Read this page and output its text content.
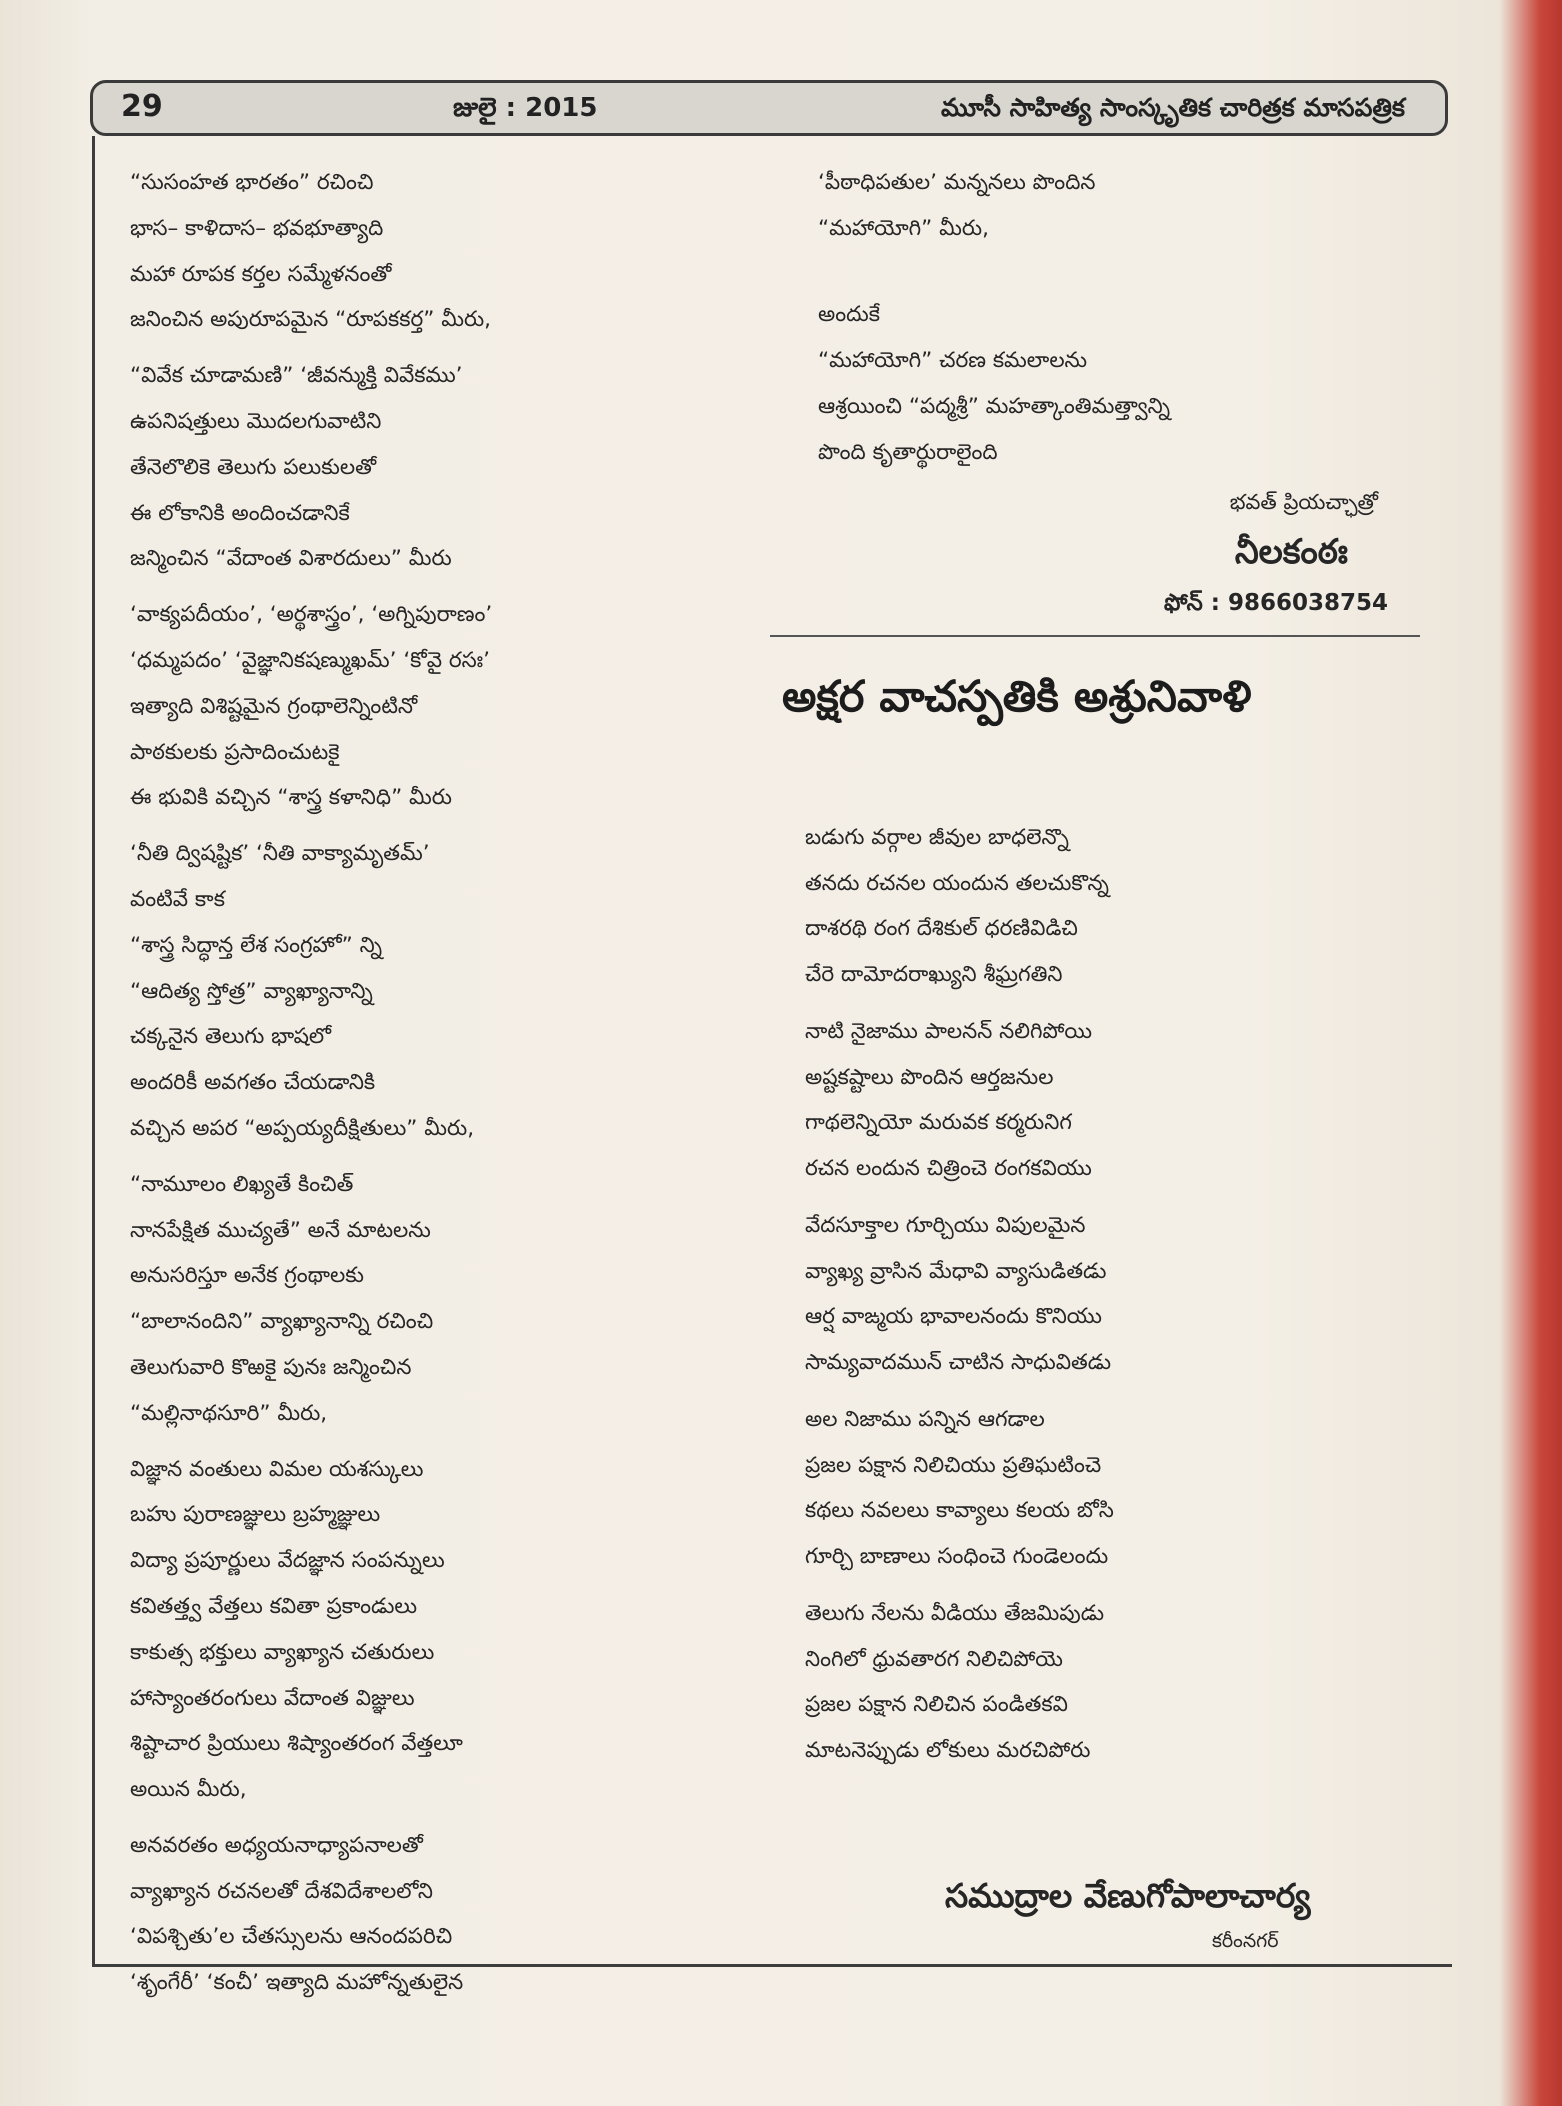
29	జులై : 2015	మూసీ సాహిత్య సాంస్కృతిక చారిత్రక మాసపత్రిక
“సుసంహత భారతం” రచించి
భాస– కాళిదాస– భవభూత్యాది
మహా రూపక కర్తల సమ్మేళనంతో
జనించిన అపురూపమైన “రూపకకర్త” మీరు,
“వివేక చూడామణి” ‘జీవన్ముక్తి వివేకము’
ఉపనిషత్తులు మొదలగువాటిని
తేనెలొలికె తెలుగు పలుకులతో
ఈ లోకానికి అందించడానికే
జన్మించిన “వేదాంత విశారదులు” మీరు
‘వాక్యపదీయం’, ‘అర్థశాస్త్రం’, ‘అగ్నిపురాణం’
‘ధమ్మపదం’ ‘వైజ్ఞానికషణ్ముఖమ్’ ‘కోవై రసః’
ఇత్యాది విశిష్టమైన గ్రంథాలెన్నింటినో
పాఠకులకు ప్రసాదించుటకై
ఈ భువికి వచ్చిన “శాస్త్ర కళానిధి” మీరు
‘నీతి ద్విషష్టిక’ ‘నీతి వాక్యామృతమ్’
వంటివే కాక
“శాస్త్ర సిద్ధాన్త లేశ సంగ్రహో” న్ని
“ఆదిత్య స్తోత్ర” వ్యాఖ్యానాన్ని
చక్కనైన తెలుగు భాషలో
అందరికీ అవగతం చేయడానికి
వచ్చిన అపర “అప్పయ్యదీక్షితులు” మీరు,
“నామూలం లిఖ్యతే కించిత్
నానపేక్షిత ముచ్యతే” అనే మాటలను
అనుసరిస్తూ అనేక గ్రంథాలకు
“బాలానందిని” వ్యాఖ్యానాన్ని రచించి
తెలుగువారి కొఱకై పునః జన్మించిన
“మల్లినాథసూరి” మీరు,
విజ్ఞాన వంతులు విమల యశస్కులు
బహు పురాణజ్ఞులు బ్రహ్మజ్ఞులు
విద్యా ప్రపూర్ణులు వేదజ్ఞాన సంపన్నులు
కవితత్త్వ వేత్తలు కవితా ప్రకాండులు
కాకుత్స భక్తులు వ్యాఖ్యాన చతురులు
హాస్యాంతరంగులు వేదాంత విజ్ఞులు
శిష్టాచార ప్రియులు శిష్యాంతరంగ వేత్తలూ
అయిన మీరు,
అనవరతం అధ్యయనాధ్యాపనాలతో
వ్యాఖ్యాన రచనలతో దేశవిదేశాలలోని
‘విపశ్చితు’ల చేతస్సులను ఆనందపరిచి
‘శృంగేరీ’ ‘కంచీ’ ఇత్యాది మహోన్నతులైన
‘పీఠాధిపతుల’ మన్ననలు పొందిన
“మహాయోగి” మీరు,
అందుకే
“మహాయోగి” చరణ కమలాలను
ఆశ్రయించి “పద్మశ్రీ” మహత్కాంతిమత్త్వాన్ని
పొంది కృతార్థురాలైంది
భవత్ ప్రియచ్ఛాత్రో
నీలకంఠః
ఫోన్ : 9866038754
అక్షర వాచస్పతికి అశ్రునివాళి
బడుగు వర్గాల జీవుల బాధలెన్నొ
తనదు రచనల యందున తలచుకొన్న
దాశరథి రంగ దేశికుల్ ధరణివిడిచి
చేరె దామోదరాఖ్యుని శీఘ్రగతిని
నాటి నైజాము పాలనన్ నలిగిపోయి
అష్టకష్టాలు పొందిన ఆర్తజనుల
గాథలెన్నియో మరువక కర్మరునిగ
రచన లందున చిత్రించె రంగకవియు
వేదసూక్తాల గూర్చియు విపులమైన
వ్యాఖ్య వ్రాసిన మేధావి వ్యాసుడితడు
ఆర్ష వాఙ్మయ భావాలనందు కొనియు
సామ్యవాదమున్ చాటిన సాధువితడు
అల నిజాము పన్నిన ఆగడాల
ప్రజల పక్షాన నిలిచియు ప్రతిఘటించె
కథలు నవలలు కావ్యాలు కలయ బోసి
గూర్చి బాణాలు సంధించె గుండెలందు
తెలుగు నేలను వీడియు తేజమిపుడు
నింగిలో ధ్రువతారగ నిలిచిపోయె
ప్రజల పక్షాన నిలిచిన పండితకవి
మాటనెప్పుడు లోకులు మరచిపోరు
సముద్రాల వేణుగోపాలాచార్య
కరీంనగర్
